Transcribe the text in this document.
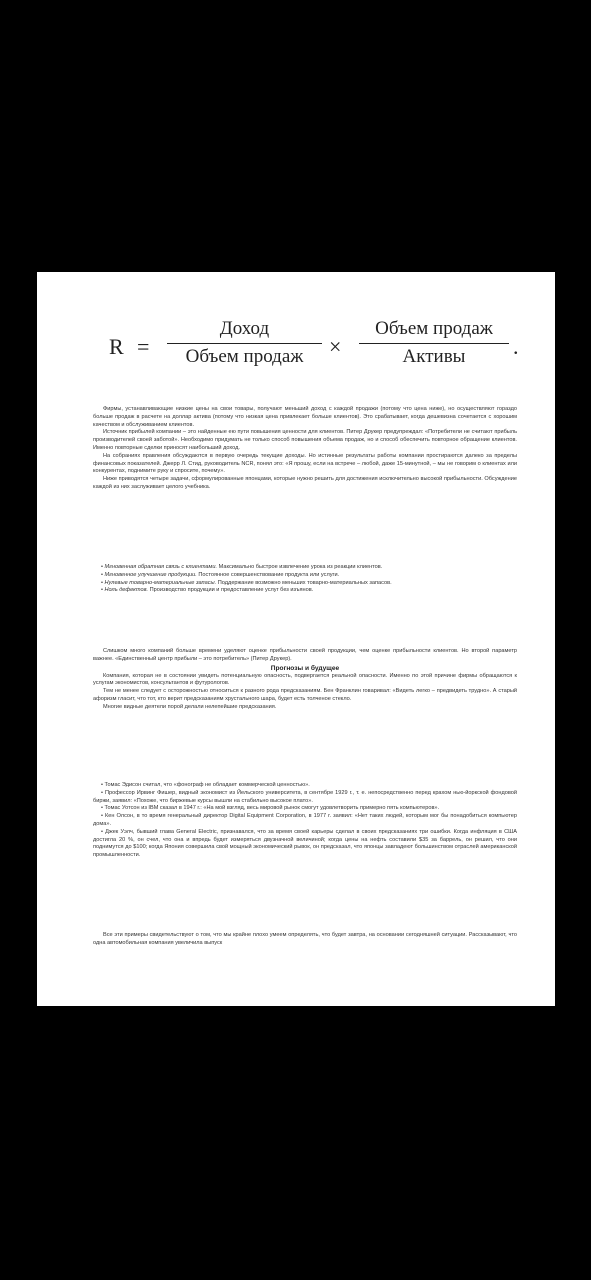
R =
Доход
Объем продаж	×
Объем продаж
Активы	.

Фирмы, устанавливающие низкие цены на свои товары, получают меньший доход с каждой продажи (потому что цена ниже), но осуществляют гораздо больше продаж в расчете на доллар актива (потому что низкая цена привлекает больше клиентов). Это срабатывает, когда дешевизна сочетается с хорошим качеством и обслуживанием клиентов.

Источник прибылей компании – это найденные ею пути повышения ценности для клиентов. Питер Друкер предупреждал: «Потребители не считают прибыль производителей своей заботой». Необходимо придумать не только способ повышения объема продаж, но и способ обеспечить повторное обращение клиентов. Именно повторные сделки приносят наибольший доход.

На собраниях правления обсуждаются в первую очередь текущие доходы. Но истинные результаты работы компании простираются далеко за пределы финансовых показателей. Джерр Л. Стид, руководитель NCR, понял это: «Я прошу, если на встрече – любой, даже 15-минутной, – мы не говорим о клиентах или конкурентах, поднимите руку и спросите, почему».

Ниже приводятся четыре задачи, сформулированные японцами, которые нужно решить для достижения исключительно высокой прибыльности. Обсуждение каждой из них заслуживает целого учебника.

• Мгновенная обратная связь с клиентами. Максимально быстрое извлечение урока из реакции клиентов.

• Мгновенное улучшение продукции. Постоянное совершенствование продукта или услуги.

• Нулевые товарно-материальные запасы. Поддержание возможно меньших товарно-материальных запасов.

• Ноль дефектов. Производство продукции и предоставление услуг без изъянов.

Слишком много компаний больше времени уделяют оценке прибыльности своей продукции, чем оценке прибыльности клиентов. Но второй параметр важнее. «Единственный центр прибыли – это потребитель» (Питер Друкер).

Прогнозы и будущее

Компания, которая не в состоянии увидеть потенциальную опасность, подвергается реальной опасности. Именно по этой причине фирмы обращаются к услугам экономистов, консультантов и футурологов.

Тем не менее следует с осторожностью относиться к разного рода предсказаниям. Бен Франклин говаривал: «Видеть легко – предвидеть трудно». А старый афоризм гласит, что тот, кто верит предсказаниям хрустального шара, будет есть толченое стекло.

Многие видные деятели порой делали нелепейшие предсказания.

• Томас Эдисон считал, что «фонограф не обладает коммерческой ценностью».

• Профессор Ирвинг Фишер, видный экономист из Йельского университета, в сентябре 1929 г., т. е. непосредственно перед крахом нью-йоркской фондовой биржи, заявил: «Похоже, что биржевые курсы вышли на стабильно высокое плато».

• Томас Уотсон из IBM сказал в 1947 г.: «На мой взгляд, весь мировой рынок смогут удовлетворить примерно пять компьютеров».

• Кен Олсон, в то время генеральный директор Digital Equipment Corporation, в 1977 г. заявил: «Нет таких людей, которым мог бы понадобиться компьютер дома».

• Джек Уэлч, бывший глава General Electric, признавался, что за время своей карьеры сделал в своих предсказаниях три ошибки. Когда инфляция в США достигла 20 %, он счел, что она и впредь будет измеряться двузначной величиной; когда цены на нефть составили $35 за баррель, он решил, что они поднимутся до $100; когда Япония совершила свой мощный экономический рывок, он предсказал, что японцы завладеют большинством отраслей американской промышленности.

Все эти примеры свидетельствуют о том, что мы крайне плохо умеем определять, что будет завтра, на основании сегодняшней ситуации. Рассказывают, что одна автомобильная компания увеличила выпуск
